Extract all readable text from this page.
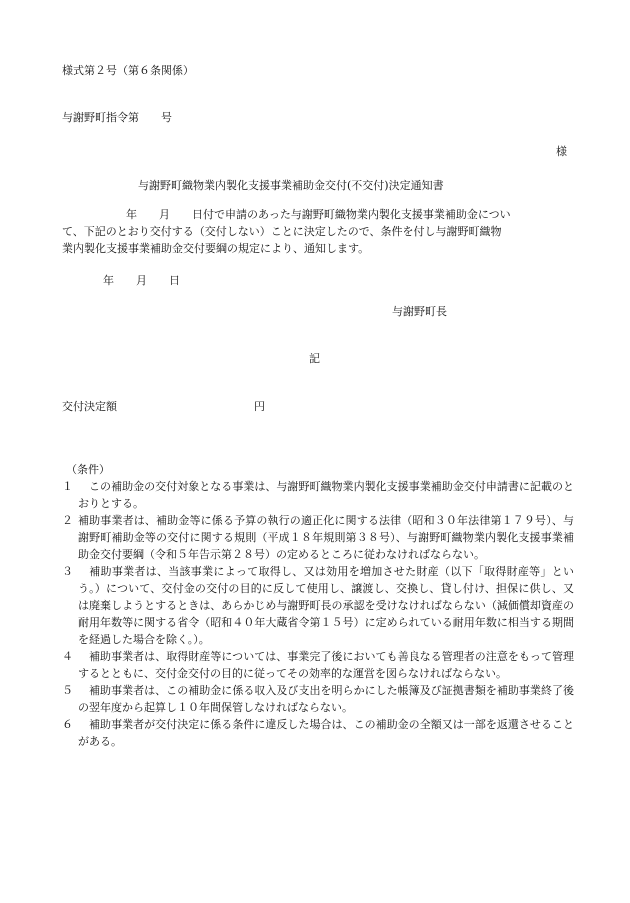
様式第２号（第６条関係）
与謝野町指令第 号
様
与謝野町織物業内製化支援事業補助金交付(不交付)決定通知書
年 月 日付で申請のあった与謝野町織物業内製化支援事業補助金につい
て、下記のとおり交付する（交付しない）ことに決定したので、条件を付し与謝野町織物
業内製化支援事業補助金交付要綱の規定により、通知します。
年 月 日
与謝野町長
記
交付決定額	円
（条件）
１ 　この補助金の交付対象となる事業は、与謝野町織物業内製化支援事業補助金交付申請書に記載のとおりとする。
２ 補助事業者は、補助金等に係る予算の執行の適正化に関する法律（昭和３０年法律第１７９号）、与謝野町補助金等の交付に関する規則（平成１８年規則第３８号）、与謝野町織物業内製化支援事業補助金交付要綱（令和５年告示第２８号）の定めるところに従わなければならない。
３ 　補助事業者は、当該事業によって取得し、又は効用を増加させた財産（以下「取得財産等」という。）について、交付金の交付の目的に反して使用し、譲渡し、交換し、貸し付け、担保に供し、又は廃棄しようとするときは、あらかじめ与謝野町長の承認を受けなければならない（減価償却資産の耐用年数等に関する省令（昭和４０年大蔵省令第１５号）に定められている耐用年数に相当する期間を経過した場合を除く。）。
４ 　補助事業者は、取得財産等については、事業完了後においても善良なる管理者の注意をもって管理するとともに、交付金交付の目的に従ってその効率的な運営を図らなければならない。
５ 　補助事業者は、この補助金に係る収入及び支出を明らかにした帳簿及び証拠書類を補助事業終了後の翌年度から起算し１０年間保管しなければならない。
６ 　補助事業者が交付決定に係る条件に違反した場合は、この補助金の全額又は一部を返還させることがある。
